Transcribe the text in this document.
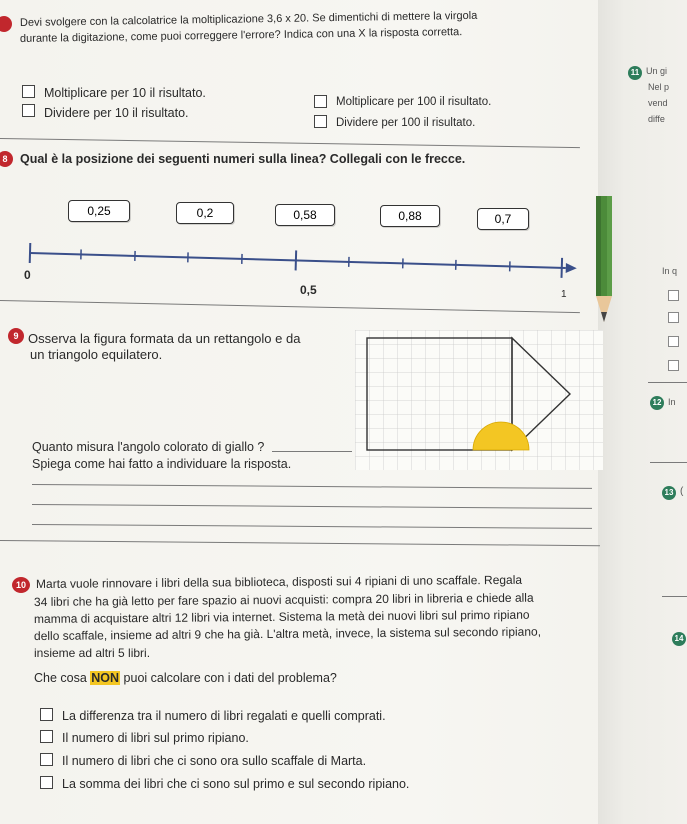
Devi svolgere con la calcolatrice la moltiplicazione 3,6 x 20. Se dimentichi di mettere la virgola
durante la digitazione, come puoi correggere l'errore? Indica con una X la risposta corretta.
Moltiplicare per 10 il risultato.
Moltiplicare per 100 il risultato.
Dividere per 10 il risultato.
Dividere per 100 il risultato.
8	Qual è la posizione dei seguenti numeri sulla linea? Collegali con le frecce.
0,25	0,2	0,58	0,88	0,7
0
0,5	1
9 Osserva la figura formata da un rettangolo e da
un triangolo equilatero.
Quanto misura l'angolo colorato di giallo ?
Spiega come hai fatto a individuare la risposta.
10 Marta vuole rinnovare i libri della sua biblioteca, disposti sui 4 ripiani di uno scaffale. Regala
34 libri che ha già letto per fare spazio ai nuovi acquisti: compra 20 libri in libreria e chiede alla
mamma di acquistare altri 12 libri via internet. Sistema la metà dei nuovi libri sul primo ripiano
dello scaffale, insieme ad altri 9 che ha già. L'altra metà, invece, la sistema sul secondo ripiano,
insieme ad altri 5 libri.
Che cosa NON puoi calcolare con i dati del problema?
La differenza tra il numero di libri regalati e quelli comprati.
Il numero di libri sul primo ripiano.
Il numero di libri che ci sono ora sullo scaffale di Marta.
La somma dei libri che ci sono sul primo e sul secondo ripiano.
11 Un gi
Nel p
vend
diffe
In q
12 In
13 (
14
